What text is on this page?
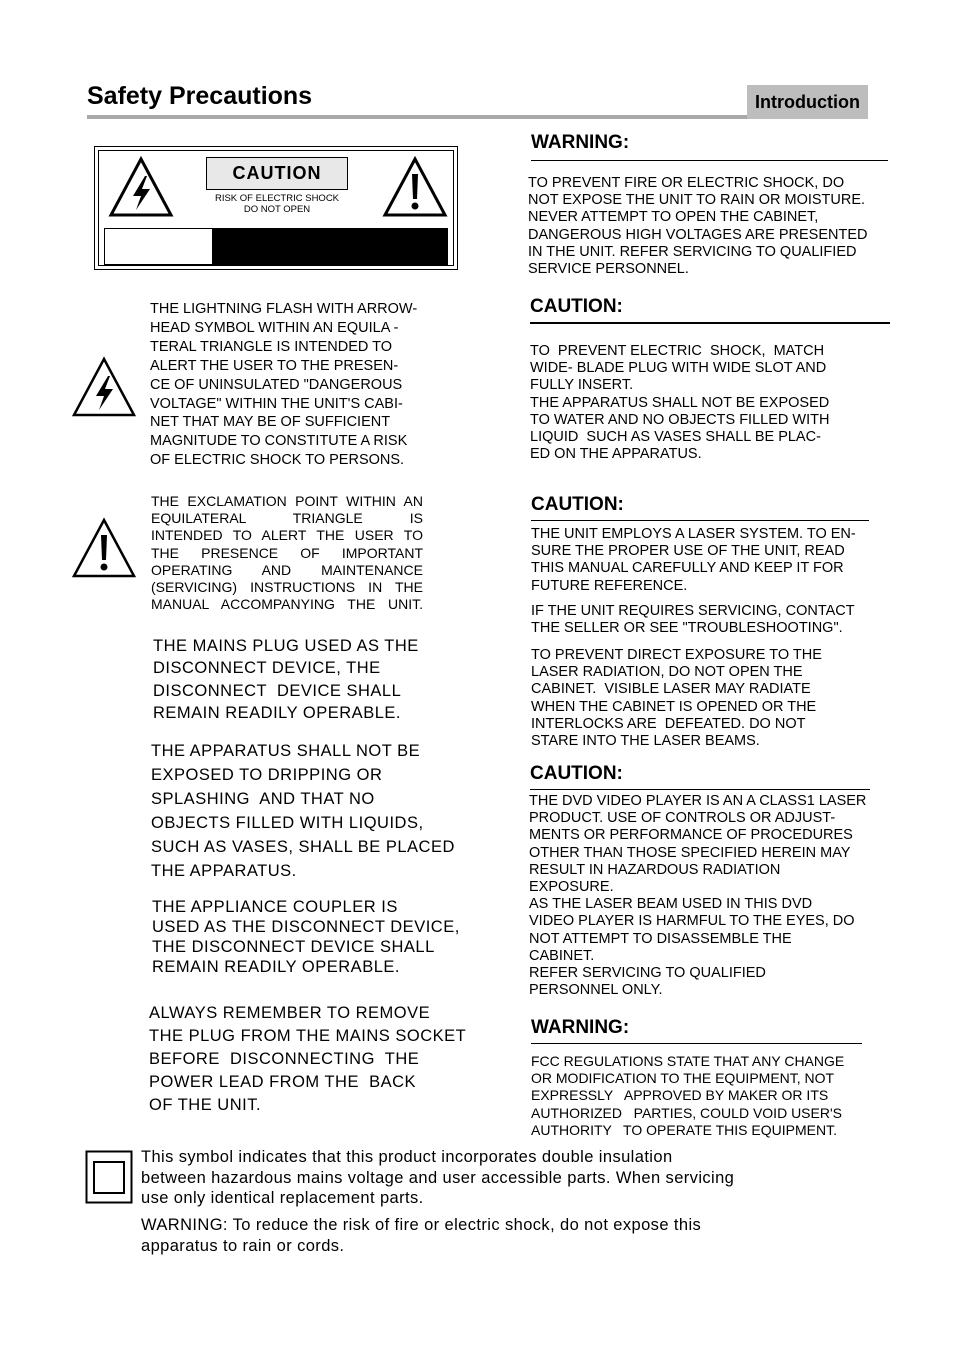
Safety Precautions	Introduction
CAUTION
RISK OF ELECTRIC SHOCK
DO NOT OPEN
THE LIGHTNING FLASH WITH ARROW-
HEAD SYMBOL WITHIN AN EQUILA -
TERAL TRIANGLE IS INTENDED TO
ALERT THE USER TO THE PRESEN-
CE OF UNINSULATED "DANGEROUS
VOLTAGE" WITHIN THE UNIT'S CABI-
NET THAT MAY BE OF SUFFICIENT
MAGNITUDE TO CONSTITUTE A RISK
OF ELECTRIC SHOCK TO PERSONS.
THE EXCLAMATION POINT WITHIN AN
EQUILATERAL TRIANGLE IS
INTENDED TO ALERT THE USER TO
THE PRESENCE OF IMPORTANT
OPERATING AND MAINTENANCE
(SERVICING) INSTRUCTIONS IN THE
MANUAL ACCOMPANYING THE UNIT.
THE MAINS PLUG USED AS THE
DISCONNECT DEVICE, THE
DISCONNECT  DEVICE SHALL
REMAIN READILY OPERABLE.
THE APPARATUS SHALL NOT BE
EXPOSED TO DRIPPING OR
SPLASHING  AND THAT NO
OBJECTS FILLED WITH LIQUIDS,
SUCH AS VASES, SHALL BE PLACED
THE APPARATUS.
THE APPLIANCE COUPLER IS
USED AS THE DISCONNECT DEVICE,
THE DISCONNECT DEVICE SHALL
REMAIN READILY OPERABLE.
ALWAYS REMEMBER TO REMOVE
THE PLUG FROM THE MAINS SOCKET
BEFORE  DISCONNECTING  THE
POWER LEAD FROM THE  BACK
OF THE UNIT.
WARNING:
TO PREVENT FIRE OR ELECTRIC SHOCK, DO
NOT EXPOSE THE UNIT TO RAIN OR MOISTURE.
NEVER ATTEMPT TO OPEN THE CABINET,
DANGEROUS HIGH VOLTAGES ARE PRESENTED
IN THE UNIT. REFER SERVICING TO QUALIFIED
SERVICE PERSONNEL.
CAUTION:
TO  PREVENT ELECTRIC  SHOCK,  MATCH
WIDE- BLADE PLUG WITH WIDE SLOT AND
FULLY INSERT.
THE APPARATUS SHALL NOT BE EXPOSED
TO WATER AND NO OBJECTS FILLED WITH
LIQUID  SUCH AS VASES SHALL BE PLAC-
ED ON THE APPARATUS.
CAUTION:
THE UNIT EMPLOYS A LASER SYSTEM. TO EN-
SURE THE PROPER USE OF THE UNIT, READ
THIS MANUAL CAREFULLY AND KEEP IT FOR
FUTURE REFERENCE.
IF THE UNIT REQUIRES SERVICING, CONTACT
THE SELLER OR SEE "TROUBLESHOOTING".
TO PREVENT DIRECT EXPOSURE TO THE
LASER RADIATION, DO NOT OPEN THE
CABINET.  VISIBLE LASER MAY RADIATE
WHEN THE CABINET IS OPENED OR THE
INTERLOCKS ARE  DEFEATED. DO NOT
STARE INTO THE LASER BEAMS.
CAUTION:
THE DVD VIDEO PLAYER IS AN A CLASS1 LASER
PRODUCT. USE OF CONTROLS OR ADJUST-
MENTS OR PERFORMANCE OF PROCEDURES
OTHER THAN THOSE SPECIFIED HEREIN MAY
RESULT IN HAZARDOUS RADIATION
EXPOSURE.
AS THE LASER BEAM USED IN THIS DVD
VIDEO PLAYER IS HARMFUL TO THE EYES, DO
NOT ATTEMPT TO DISASSEMBLE THE
CABINET.
REFER SERVICING TO QUALIFIED
PERSONNEL ONLY.
WARNING:
FCC REGULATIONS STATE THAT ANY CHANGE
OR MODIFICATION TO THE EQUIPMENT, NOT
EXPRESSLY   APPROVED BY MAKER OR ITS
AUTHORIZED   PARTIES, COULD VOID USER'S
AUTHORITY   TO OPERATE THIS EQUIPMENT.
This symbol indicates that this product incorporates double insulation
between hazardous mains voltage and user accessible parts. When servicing
use only identical replacement parts.
WARNING: To reduce the risk of fire or electric shock, do not expose this
apparatus to rain or cords.
